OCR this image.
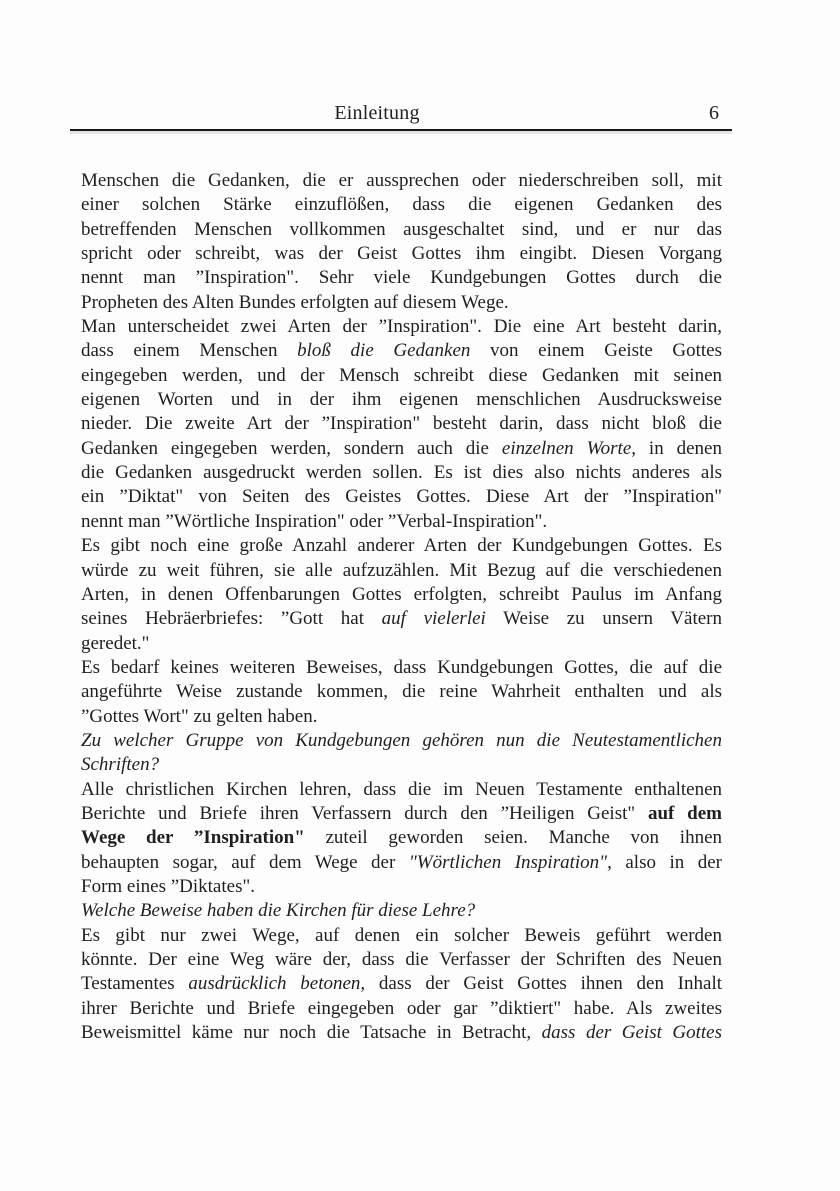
Einleitung	6
Menschen die Gedanken, die er aussprechen oder niederschreiben soll, mit
einer solchen Stärke einzuflößen, dass die eigenen Gedanken des
betreffenden Menschen vollkommen ausgeschaltet sind, und er nur das
spricht oder schreibt, was der Geist Gottes ihm eingibt. Diesen Vorgang
nennt man ”Inspiration". Sehr viele Kundgebungen Gottes durch die
Propheten des Alten Bundes erfolgten auf diesem Wege.
Man unterscheidet zwei Arten der ”Inspiration". Die eine Art besteht darin,
dass einem Menschen bloß die Gedanken von einem Geiste Gottes
eingegeben werden, und der Mensch schreibt diese Gedanken mit seinen
eigenen Worten und in der ihm eigenen menschlichen Ausdrucksweise
nieder. Die zweite Art der ”Inspiration" besteht darin, dass nicht bloß die
Gedanken eingegeben werden, sondern auch die einzelnen Worte, in denen
die Gedanken ausgedruckt werden sollen. Es ist dies also nichts anderes als
ein ”Diktat" von Seiten des Geistes Gottes. Diese Art der ”Inspiration"
nennt man ”Wörtliche Inspiration" oder ”Verbal-Inspiration".
Es gibt noch eine große Anzahl anderer Arten der Kundgebungen Gottes. Es
würde zu weit führen, sie alle aufzuzählen. Mit Bezug auf die verschiedenen
Arten, in denen Offenbarungen Gottes erfolgten, schreibt Paulus im Anfang
seines Hebräerbriefes: ”Gott hat auf vielerlei Weise zu unsern Vätern
geredet."
Es bedarf keines weiteren Beweises, dass Kundgebungen Gottes, die auf die
angeführte Weise zustande kommen, die reine Wahrheit enthalten und als
”Gottes Wort" zu gelten haben.
Zu welcher Gruppe von Kundgebungen gehören nun die Neutestamentlichen
Schriften?
Alle christlichen Kirchen lehren, dass die im Neuen Testamente enthaltenen
Berichte und Briefe ihren Verfassern durch den ”Heiligen Geist" auf dem
Wege der ”Inspiration" zuteil geworden seien. Manche von ihnen
behaupten sogar, auf dem Wege der "Wörtlichen Inspiration", also in der
Form eines ”Diktates".
Welche Beweise haben die Kirchen für diese Lehre?
Es gibt nur zwei Wege, auf denen ein solcher Beweis geführt werden
könnte. Der eine Weg wäre der, dass die Verfasser der Schriften des Neuen
Testamentes ausdrücklich betonen, dass der Geist Gottes ihnen den Inhalt
ihrer Berichte und Briefe eingegeben oder gar ”diktiert" habe. Als zweites
Beweismittel käme nur noch die Tatsache in Betracht, dass der Geist Gottes
